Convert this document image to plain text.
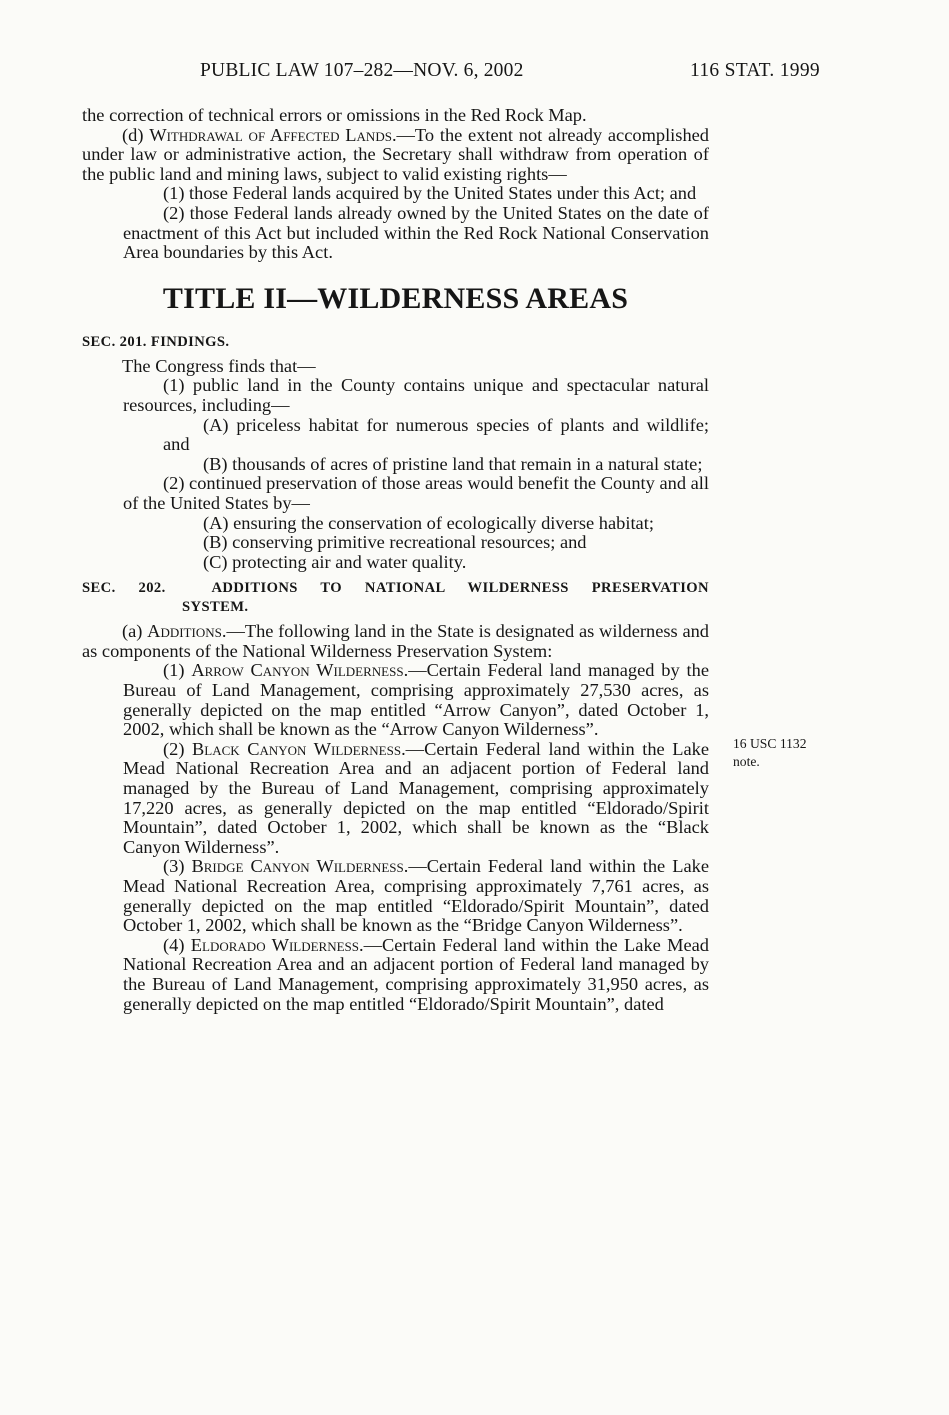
PUBLIC LAW 107–282—NOV. 6, 2002	116 STAT. 1999

the correction of technical errors or omissions in the Red Rock Map.

(d) Withdrawal of Affected Lands.—To the extent not already accomplished under law or administrative action, the Secretary shall withdraw from operation of the public land and mining laws, subject to valid existing rights—

(1) those Federal lands acquired by the United States under this Act; and

(2) those Federal lands already owned by the United States on the date of enactment of this Act but included within the Red Rock National Conservation Area boundaries by this Act.

TITLE II—WILDERNESS AREAS

SEC. 201. FINDINGS.

The Congress finds that—

(1) public land in the County contains unique and spectacular natural resources, including—

(A) priceless habitat for numerous species of plants and wildlife; and

(B) thousands of acres of pristine land that remain in a natural state;

(2) continued preservation of those areas would benefit the County and all of the United States by—

(A) ensuring the conservation of ecologically diverse habitat;

(B) conserving primitive recreational resources; and

(C) protecting air and water quality.

SEC. 202.	ADDITIONS TO NATIONAL WILDERNESS PRESERVATION
SYSTEM.

(a) Additions.—The following land in the State is designated as wilderness and as components of the National Wilderness Preservation System:

(1) Arrow Canyon Wilderness.—Certain Federal land managed by the Bureau of Land Management, comprising approximately 27,530 acres, as generally depicted on the map entitled “Arrow Canyon”, dated October 1, 2002, which shall be known as the “Arrow Canyon Wilderness”.

(2) Black Canyon Wilderness.—Certain Federal land within the Lake Mead National Recreation Area and an adjacent portion of Federal land managed by the Bureau of Land Management, comprising approximately 17,220 acres, as generally depicted on the map entitled “Eldorado/Spirit Mountain”, dated October 1, 2002, which shall be known as the “Black Canyon Wilderness”.

(3) Bridge Canyon Wilderness.—Certain Federal land within the Lake Mead National Recreation Area, comprising approximately 7,761 acres, as generally depicted on the map entitled “Eldorado/Spirit Mountain”, dated October 1, 2002, which shall be known as the “Bridge Canyon Wilderness”.

(4) Eldorado Wilderness.—Certain Federal land within the Lake Mead National Recreation Area and an adjacent portion of Federal land managed by the Bureau of Land Management, comprising approximately 31,950 acres, as generally depicted on the map entitled “Eldorado/Spirit Mountain”, dated

16 USC 1132
note.
